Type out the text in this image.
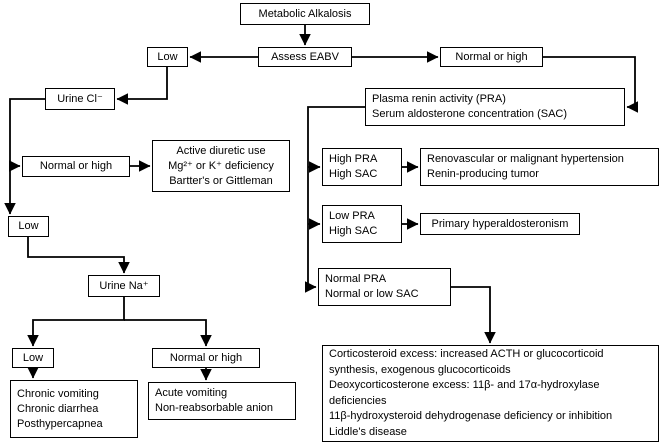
Metabolic Alkalosis
Assess EABV
Low	Normal or high
Urine Cl⁻
Normal or high
Active diuretic use
Mg²⁺ or K⁺ deficiency
Bartter's or Gittleman
Low
Urine Na⁺
Low
Chronic vomiting
Chronic diarrhea
Posthypercapnea
Normal or high
Acute vomiting
Non-reabsorbable anion
Plasma renin activity (PRA)
Serum aldosterone concentration (SAC)
High PRA
High SAC
Renovascular or malignant hypertension
Renin-producing tumor
Low PRA
High SAC
Primary hyperaldosteronism
Normal PRA
Normal or low SAC
Corticosteroid excess: increased ACTH or glucocorticoid synthesis, exogenous glucocorticoids
Deoxycorticosterone excess: 11β- and 17α-hydroxylase deficiencies
11β-hydroxysteroid dehydrogenase deficiency or inhibition
Liddle's disease
